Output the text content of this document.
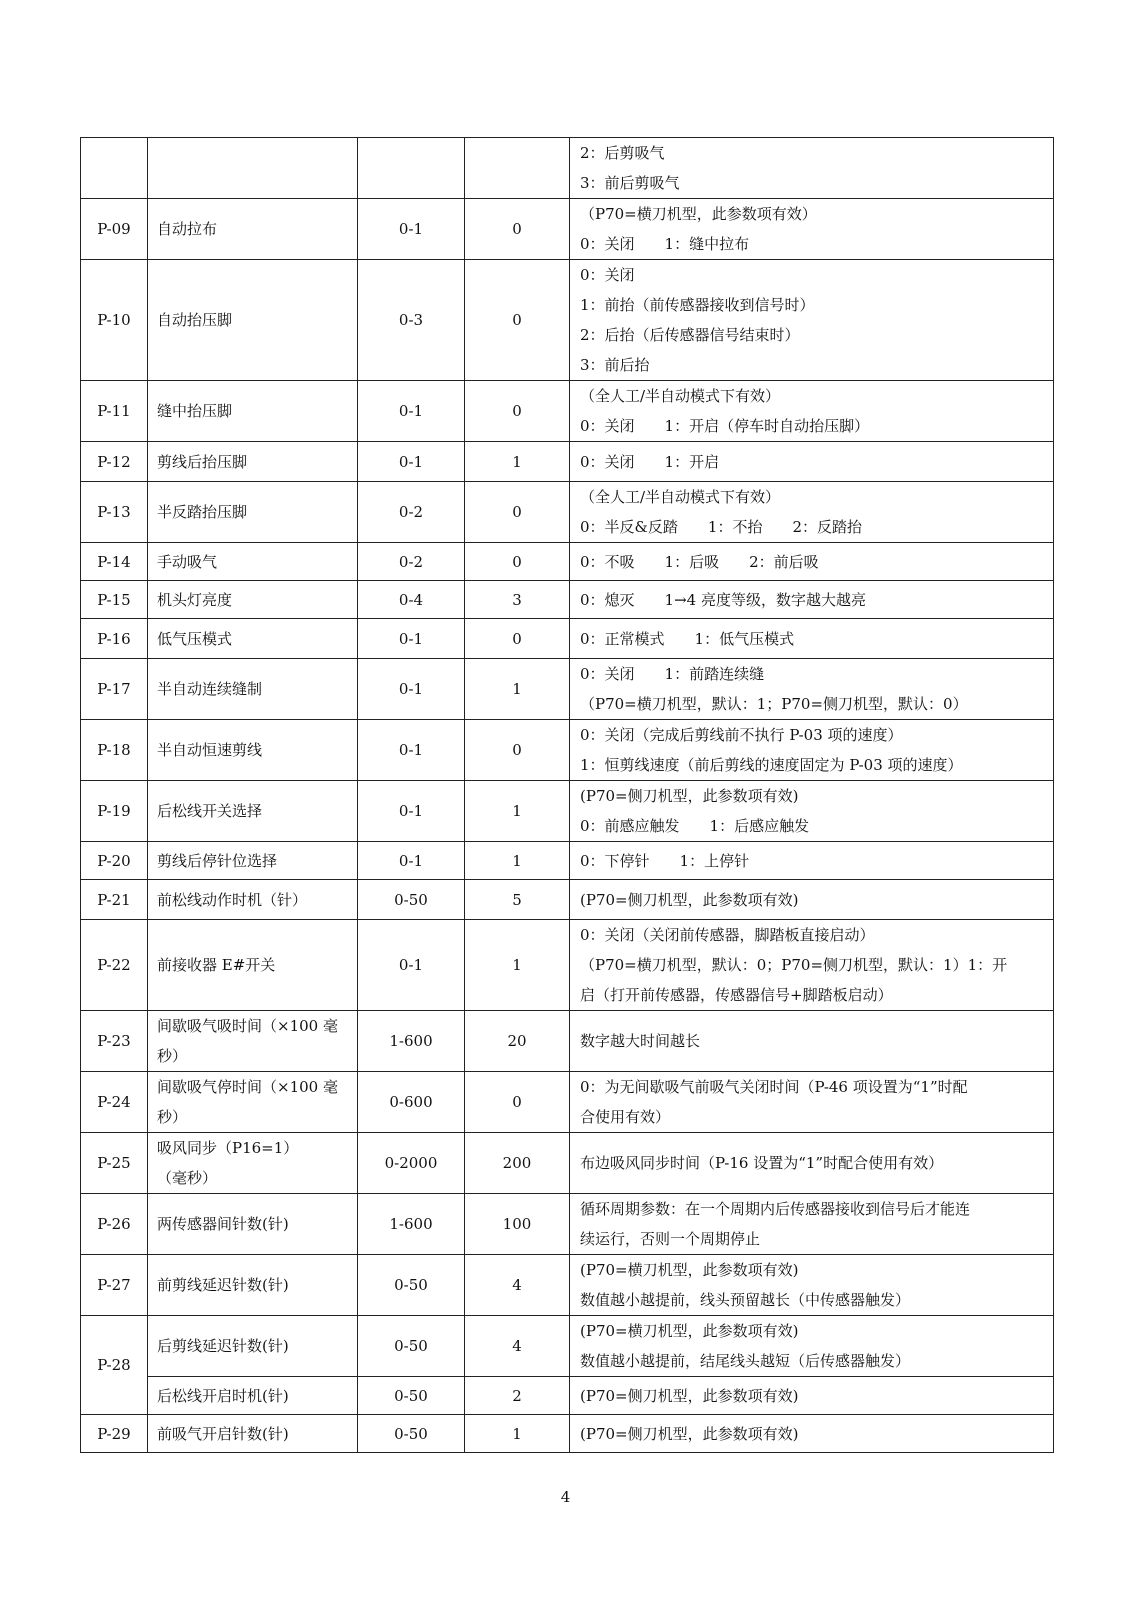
				2：后剪吸气
3：前后剪吸气

P-09	自动拉布	0-1	0	（P70=横刀机型，此参数项有效）
0：关闭　　1：缝中拉布

P-10	自动抬压脚	0-3	0	0：关闭
1：前抬（前传感器接收到信号时）
2：后抬（后传感器信号结束时）
3：前后抬

P-11	缝中抬压脚	0-1	0	（全人工/半自动模式下有效）
0：关闭　　1：开启（停车时自动抬压脚）

P-12	剪线后抬压脚	0-1	1	0：关闭　　1：开启

P-13	半反踏抬压脚	0-2	0	（全人工/半自动模式下有效）
0：半反&反踏　　1：不抬　　2：反踏抬

P-14	手动吸气	0-2	0	0：不吸　　1：后吸　　2：前后吸

P-15	机头灯亮度	0-4	3	0：熄灭　　1→4 亮度等级，数字越大越亮

P-16	低气压模式	0-1	0	0：正常模式　　1：低气压模式

P-17	半自动连续缝制	0-1	1	0：关闭　　1：前踏连续缝
（P70=横刀机型，默认：1；P70=侧刀机型，默认：0）

P-18	半自动恒速剪线	0-1	0	0：关闭（完成后剪线前不执行 P-03 项的速度）
1：恒剪线速度（前后剪线的速度固定为 P-03 项的速度）

P-19	后松线开关选择	0-1	1	(P70=侧刀机型，此参数项有效)
0：前感应触发　　1：后感应触发

P-20	剪线后停针位选择	0-1	1	0：下停针　　1：上停针

P-21	前松线动作时机（针）	0-50	5	(P70=侧刀机型，此参数项有效)

P-22	前接收器 E#开关	0-1	1	0：关闭（关闭前传感器，脚踏板直接启动）
（P70=横刀机型，默认：0；P70=侧刀机型，默认：1）1：开
启（打开前传感器，传感器信号+脚踏板启动）

P-23	间歇吸气吸时间（×100 毫
秒）	1-600	20	数字越大时间越长

P-24	间歇吸气停时间（×100 毫
秒）	0-600	0	0：为无间歇吸气前吸气关闭时间（P-46 项设置为“1”时配
合使用有效）

P-25	吸风同步（P16=1）
（毫秒）	0-2000	200	布边吸风同步时间（P-16 设置为“1”时配合使用有效）

P-26	两传感器间针数(针)	1-600	100	循环周期参数：在一个周期内后传感器接收到信号后才能连
续运行，否则一个周期停止

P-27	前剪线延迟针数(针)	0-50	4	(P70=横刀机型，此参数项有效)
数值越小越提前，线头预留越长（中传感器触发）

P-28	后剪线延迟针数(针)	0-50	4	(P70=横刀机型，此参数项有效)
数值越小越提前，结尾线头越短（后传感器触发）

	后松线开启时机(针)	0-50	2	(P70=侧刀机型，此参数项有效)

P-29	前吸气开启针数(针)	0-50	1	(P70=侧刀机型，此参数项有效)
4
